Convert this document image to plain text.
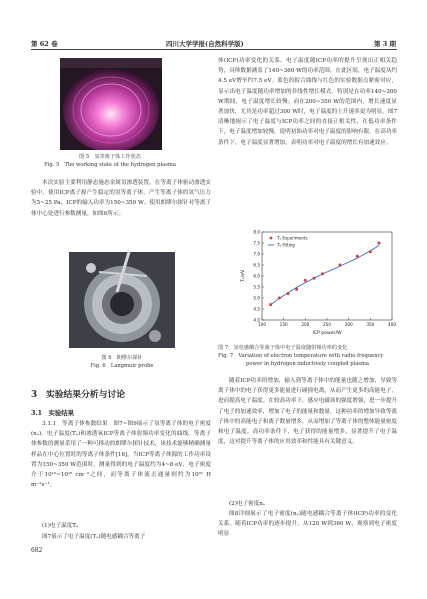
第 62 卷	四川大学学报(自然科学版)	第 3 期
图 5　氢等离子体工作状态
Fig. 5　The working state of the hydrogen plasma
本次实验主要利用静态施态金属氢渗透装置，在等离子体驱动渗透实验中，使用ICP离子源产生稳定的氢等离子体，产生等离子体的氢气压力为5~25 Pa，ICP的输入功率为150~350 W。使用朗缪尔探针对等离子体中心处进行参数测量，如图6所示。
图 6　朗缪尔探针
Fig. 6　Langmuir probe
3　实验结果分析与讨论
3.1　实验结果
3.1.1　等离子体参数结果　图7~图9展示了氢等离子体的电子密度(nₑ)、电子温度(Tₑ)和渗透氧ICP等离子体射频功率变化的曲线。等离子体参数的测量采用了一种可移动的朗缪尔探针技术，该技术能够精确测量样品在中心位置时的等离子体条件[16]。当ICP等离子体源的工作功率设置为150~350 W范围时，测量得到的电子温度约为4~8 eV，电子密度介于10¹⁵~10¹⁶ cm⁻³之间，而等离子体流击通量则约为10²¹ H m⁻²s⁻¹。
(1)电子温度Tₑ
图7展示了电子温度(Tₑ)随电感耦合等离子
682
体(ICP)功率变化的关系。电子温度随ICP功率的提升呈现出正相关趋势，具体数据涵盖了140~360 W的功率范围。在此区间，电子温度从约4.5 eV增至约7.5 eV。蓝色的拟合曲线与红色的实验数据点紧密对应，显示出电子温度随功率增加的非线性增长模式。特别是在功率140~200 W期间，电子温度增长较慢；而在200~350 W的范围内，增长速度显著加快，尤其是功率超过300 W时，电子温度的上升速率更为明显。图7清晰地揭示了电子温度与ICP功率之间的直接正相关性，在低功率条件下，电子温度增加较慢，说明初始功率对电子温度的影响有限。在高功率条件下，电子温度显著增加，表明功率对电子温度的增长有加速效应。
100	150	200	250	300	350	400
4.0
4.5
5.0
5.5
6.0
6.5
7.0
7.5
8.0
ICP power/W
Tₑ/eV
Tₑ Experiments
Tₑ Fitting
图 7　氢电感耦合等离子体中电子温度随射频功率的变化
Fig. 7　Variation of electron temperature with radio frequency
power in hydrogen inductively coupled plasma
随着ICP功率的增加，输入到等离子体中的能量也随之增加，导致等离子体中的电子获得更多能量进行碰撞电离，从而产生更多的高能电子，进而提高电子温度。在较高功率下，感应电磁场的强度增强，进一步提升了电子的加速效率，增加了电子的能量和数量。这种功率的增加导致等离子体中的高能电子和离子数量增多，从而增加了等离子体的整体能量密度和电子温度。高功率条件下，电子获得的能量增多，显著提升了电子温度，这对提升等离子体的应用效率和性能具有关键意义。
(2)电子密度nₑ
图8详细展示了电子密度(nₑ)随电感耦合等离子体(ICP)功率的变化关系。随着ICP功率的逐步提升，从120 W到360 W，观察到电子密度明显
